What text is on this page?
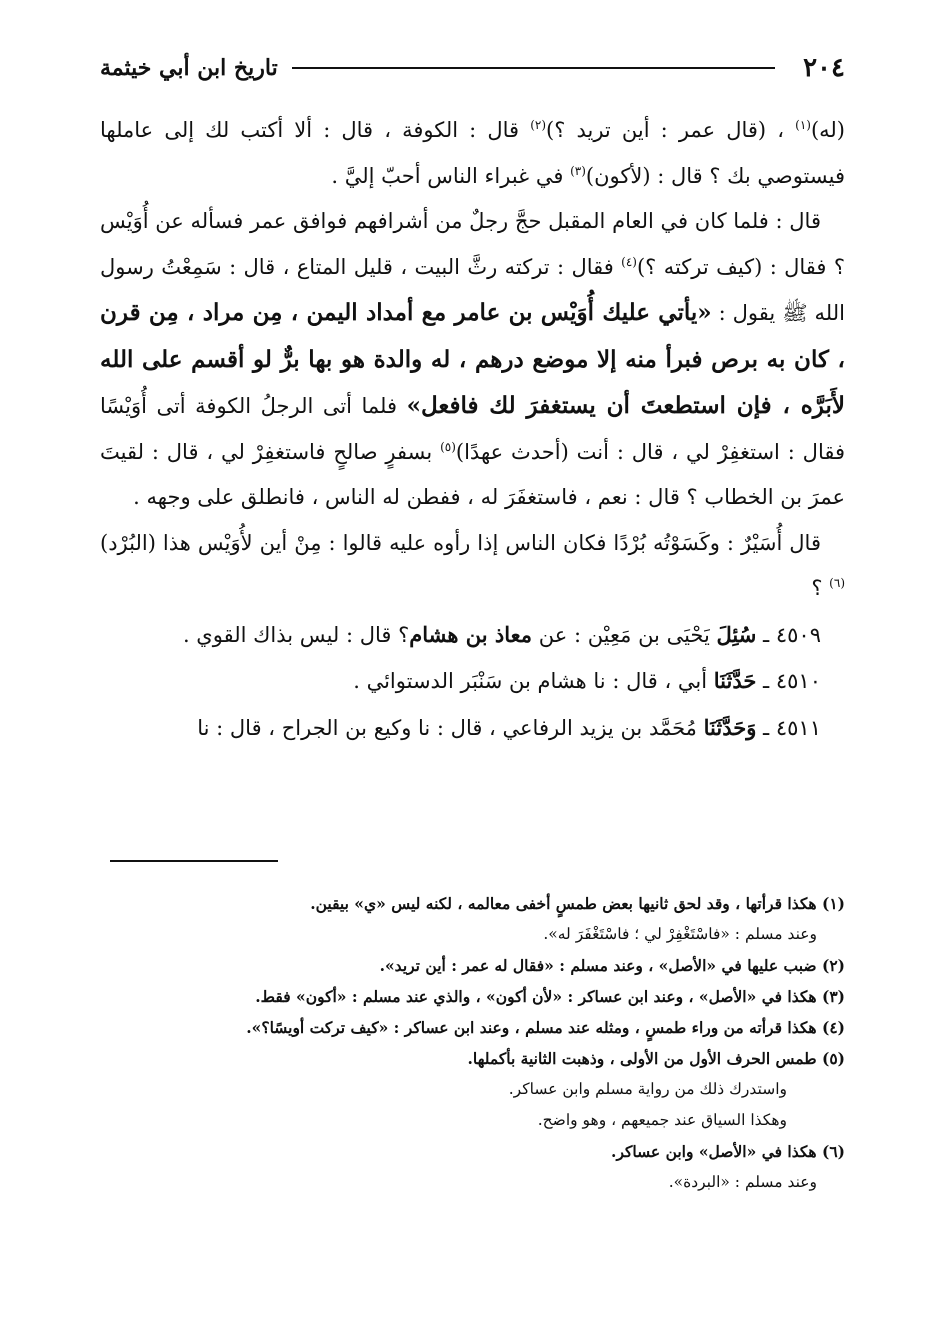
٢٠٤
تاريخ ابن أبي خيثمة

(له)$^{(١)}$ ، (قال عمر : أين تريد ؟)$^{(٢)}$ قال : الكوفة ، قال : ألا أكتب لك إلى عاملها فيستوصي بك ؟ قال : (لأكون)$^{(٣)}$ في غبراء الناس أحبّ إليَّ .

قال : فلما كان في العام المقبل حجَّ رجلٌ من أشرافهم فوافق عمر فسأله عن أُوَيْس ؟ فقال : (كيف تركته ؟)$^{(٤)}$ فقال : تركته رثَّ البيت ، قليل المتاع ، قال : سَمِعْتُ رسول الله ﷺ يقول : «يأتي عليك أُوَيْس بن عامر مع أمداد اليمن ، مِن مراد ، مِن قرن ، كان به برص فبرأ منه إلا موضع درهم ، له والدة هو بها برٌّ لو أقسم على الله لأَبَرَّه ، فإن استطعتَ أن يستغفرَ لك فافعل» فلما أتى الرجلُ الكوفة أتى أُوَيْسًا فقال : استغفِرْ لي ، قال : أنت (أحدث عهدًا)$^{(٥)}$ بسفرٍ صالحٍ فاستغفِرْ لي ، قال : لقيتَ عمرَ بن الخطاب ؟ قال : نعم ، فاستغفَرَ له ، ففطن له الناس ، فانطلق على وجهه .

قال أُسَيْرٌ : وكَسَوْتُه بُرْدًا فكان الناس إذا رأوه عليه قالوا : مِنْ أين لأُوَيْس هذا (البُرْد)$^{(٦)}$ ؟

٤٥٠٩ ـ سُئِلَ يَحْيَى بن مَعِيْن : عن معاذ بن هشام؟ قال : ليس بذاك القوي .

٤٥١٠ ـ حَدَّثَنَا أبي ، قال : نا هشام بن سَنْبَر الدستوائي .

٤٥١١ ـ وَحَدَّثَنَا مُحَمَّد بن يزيد الرفاعي ، قال : نا وكيع بن الجراح ، قال : نا

(١) هكذا قرأتها ، وقد لحق ثانيها بعض طمسٍ أخفى معالمه ، لكنه ليس «ي» بيقين.

وعند مسلم : «فاسْتَغْفِرْ لي ؛ فاسْتَغْفَرَ له».

(٢) ضبب عليها في «الأصل» ، وعند مسلم : «فقال له عمر : أين تريد».

(٣) هكذا في «الأصل» ، وعند ابن عساكر : «لأن أكون» ، والذي عند مسلم : «أكون» فقط.

(٤) هكذا قرأته من وراء طمسٍ ، ومثله عند مسلم ، وعند ابن عساكر : «كيف تركت أويسًا؟».

(٥) طمس الحرف الأول من الأولى ، وذهبت الثانية بأكملها.

واستدرك ذلك من رواية مسلم وابن عساكر.

وهكذا السياق عند جميعهم ، وهو واضح.

(٦) هكذا في «الأصل» وابن عساكر.

وعند مسلم : «البردة».
